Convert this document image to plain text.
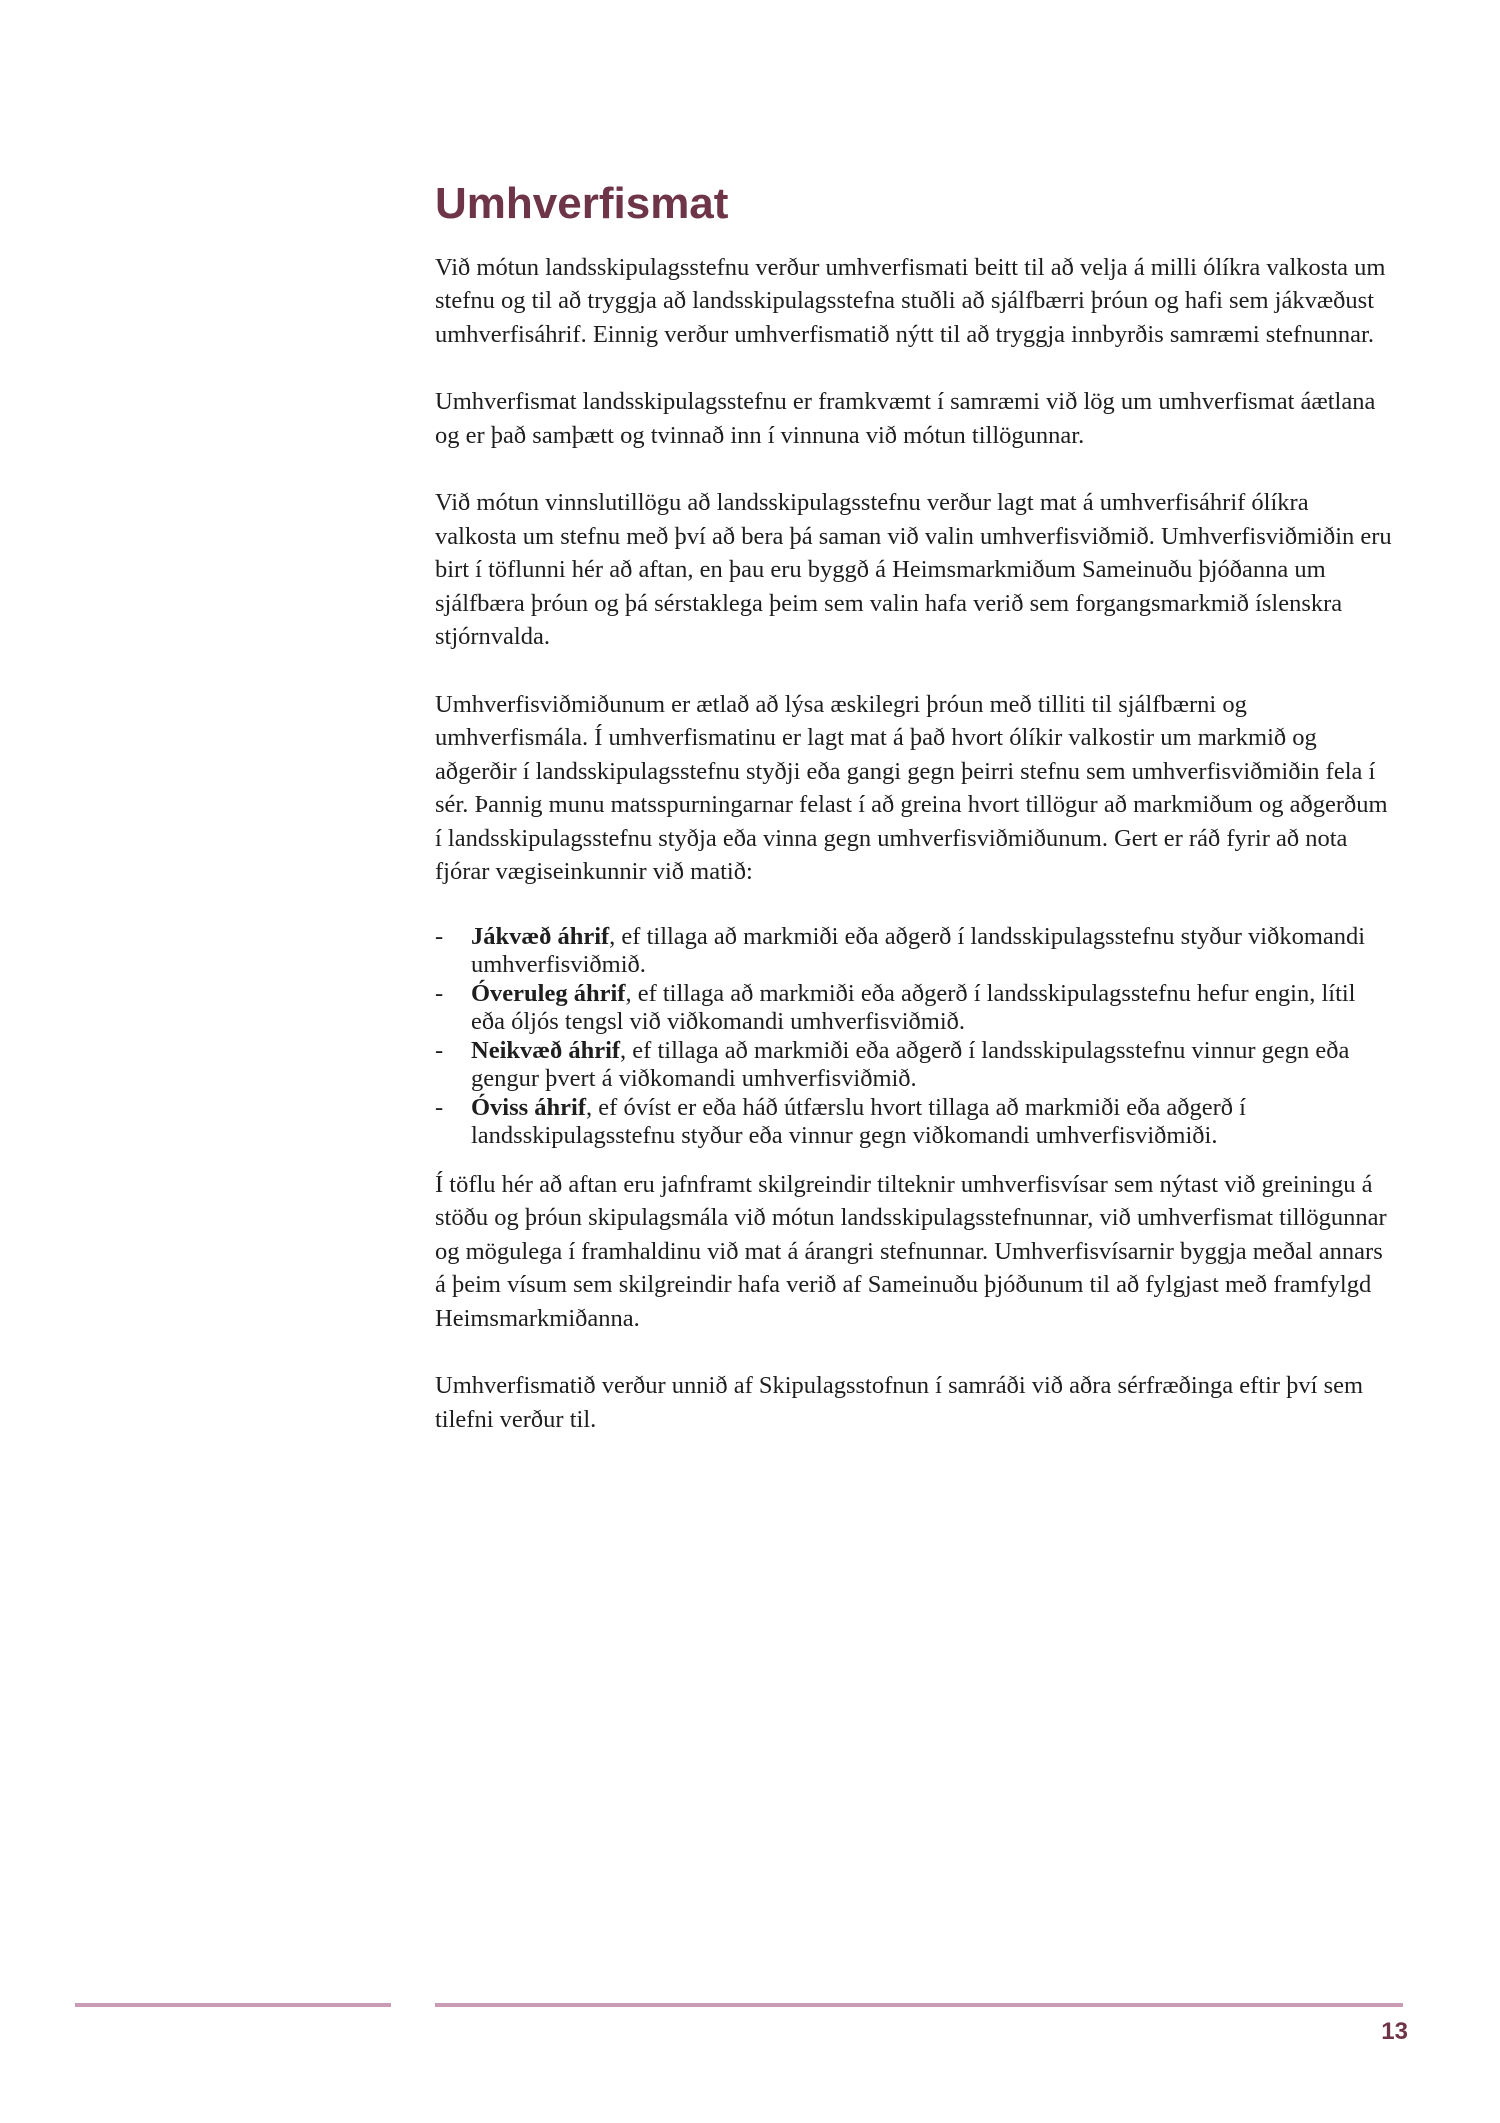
Umhverfismat

Við mótun landsskipulagsstefnu verður umhverfismati beitt til að velja á milli ólíkra valkosta um stefnu og til að tryggja að landsskipulagsstefna stuðli að sjálfbærri þróun og hafi sem jákvæðust umhverfisáhrif. Einnig verður umhverfismatið nýtt til að tryggja innbyrðis samræmi stefnunnar.

Umhverfismat landsskipulagsstefnu er framkvæmt í samræmi við lög um umhverfismat áætlana og er það samþætt og tvinnað inn í vinnuna við mótun tillögunnar.

Við mótun vinnslutillögu að landsskipulagsstefnu verður lagt mat á umhverfisáhrif ólíkra valkosta um stefnu með því að bera þá saman við valin umhverfisviðmið. Umhverfisviðmiðin eru birt í töflunni hér að aftan, en þau eru byggð á Heimsmarkmiðum Sameinuðu þjóðanna um sjálfbæra þróun og þá sérstaklega þeim sem valin hafa verið sem forgangsmarkmið íslenskra stjórnvalda.

Umhverfisviðmiðunum er ætlað að lýsa æskilegri þróun með tilliti til sjálfbærni og umhverfismála. Í umhverfismatinu er lagt mat á það hvort ólíkir valkostir um markmið og aðgerðir í landsskipulagsstefnu styðji eða gangi gegn þeirri stefnu sem umhverfisviðmiðin fela í sér. Þannig munu matsspurningarnar felast í að greina hvort tillögur að markmiðum og aðgerðum í landsskipulagsstefnu styðja eða vinna gegn umhverfisviðmiðunum. Gert er ráð fyrir að nota fjórar vægiseinkunnir við matið:

- Jákvæð áhrif, ef tillaga að markmiði eða aðgerð í landsskipulagsstefnu styður viðkomandi umhverfisviðmið.
- Óveruleg áhrif, ef tillaga að markmiði eða aðgerð í landsskipulagsstefnu hefur engin, lítil eða óljós tengsl við viðkomandi umhverfisviðmið.
- Neikvæð áhrif, ef tillaga að markmiði eða aðgerð í landsskipulagsstefnu vinnur gegn eða gengur þvert á viðkomandi umhverfisviðmið.
- Óviss áhrif, ef óvíst er eða háð útfærslu hvort tillaga að markmiði eða aðgerð í landsskipulagsstefnu styður eða vinnur gegn viðkomandi umhverfisviðmiði.

Í töflu hér að aftan eru jafnframt skilgreindir tilteknir umhverfisvísar sem nýtast við greiningu á stöðu og þróun skipulagsmála við mótun landsskipulagsstefnunnar, við umhverfismat tillögunnar og mögulega í framhaldinu við mat á árangri stefnunnar. Umhverfisvísarnir byggja meðal annars á þeim vísum sem skilgreindir hafa verið af Sameinuðu þjóðunum til að fylgjast með framfylgd Heimsmarkmiðanna.

Umhverfismatið verður unnið af Skipulagsstofnun í samráði við aðra sérfræðinga eftir því sem tilefni verður til.

13
